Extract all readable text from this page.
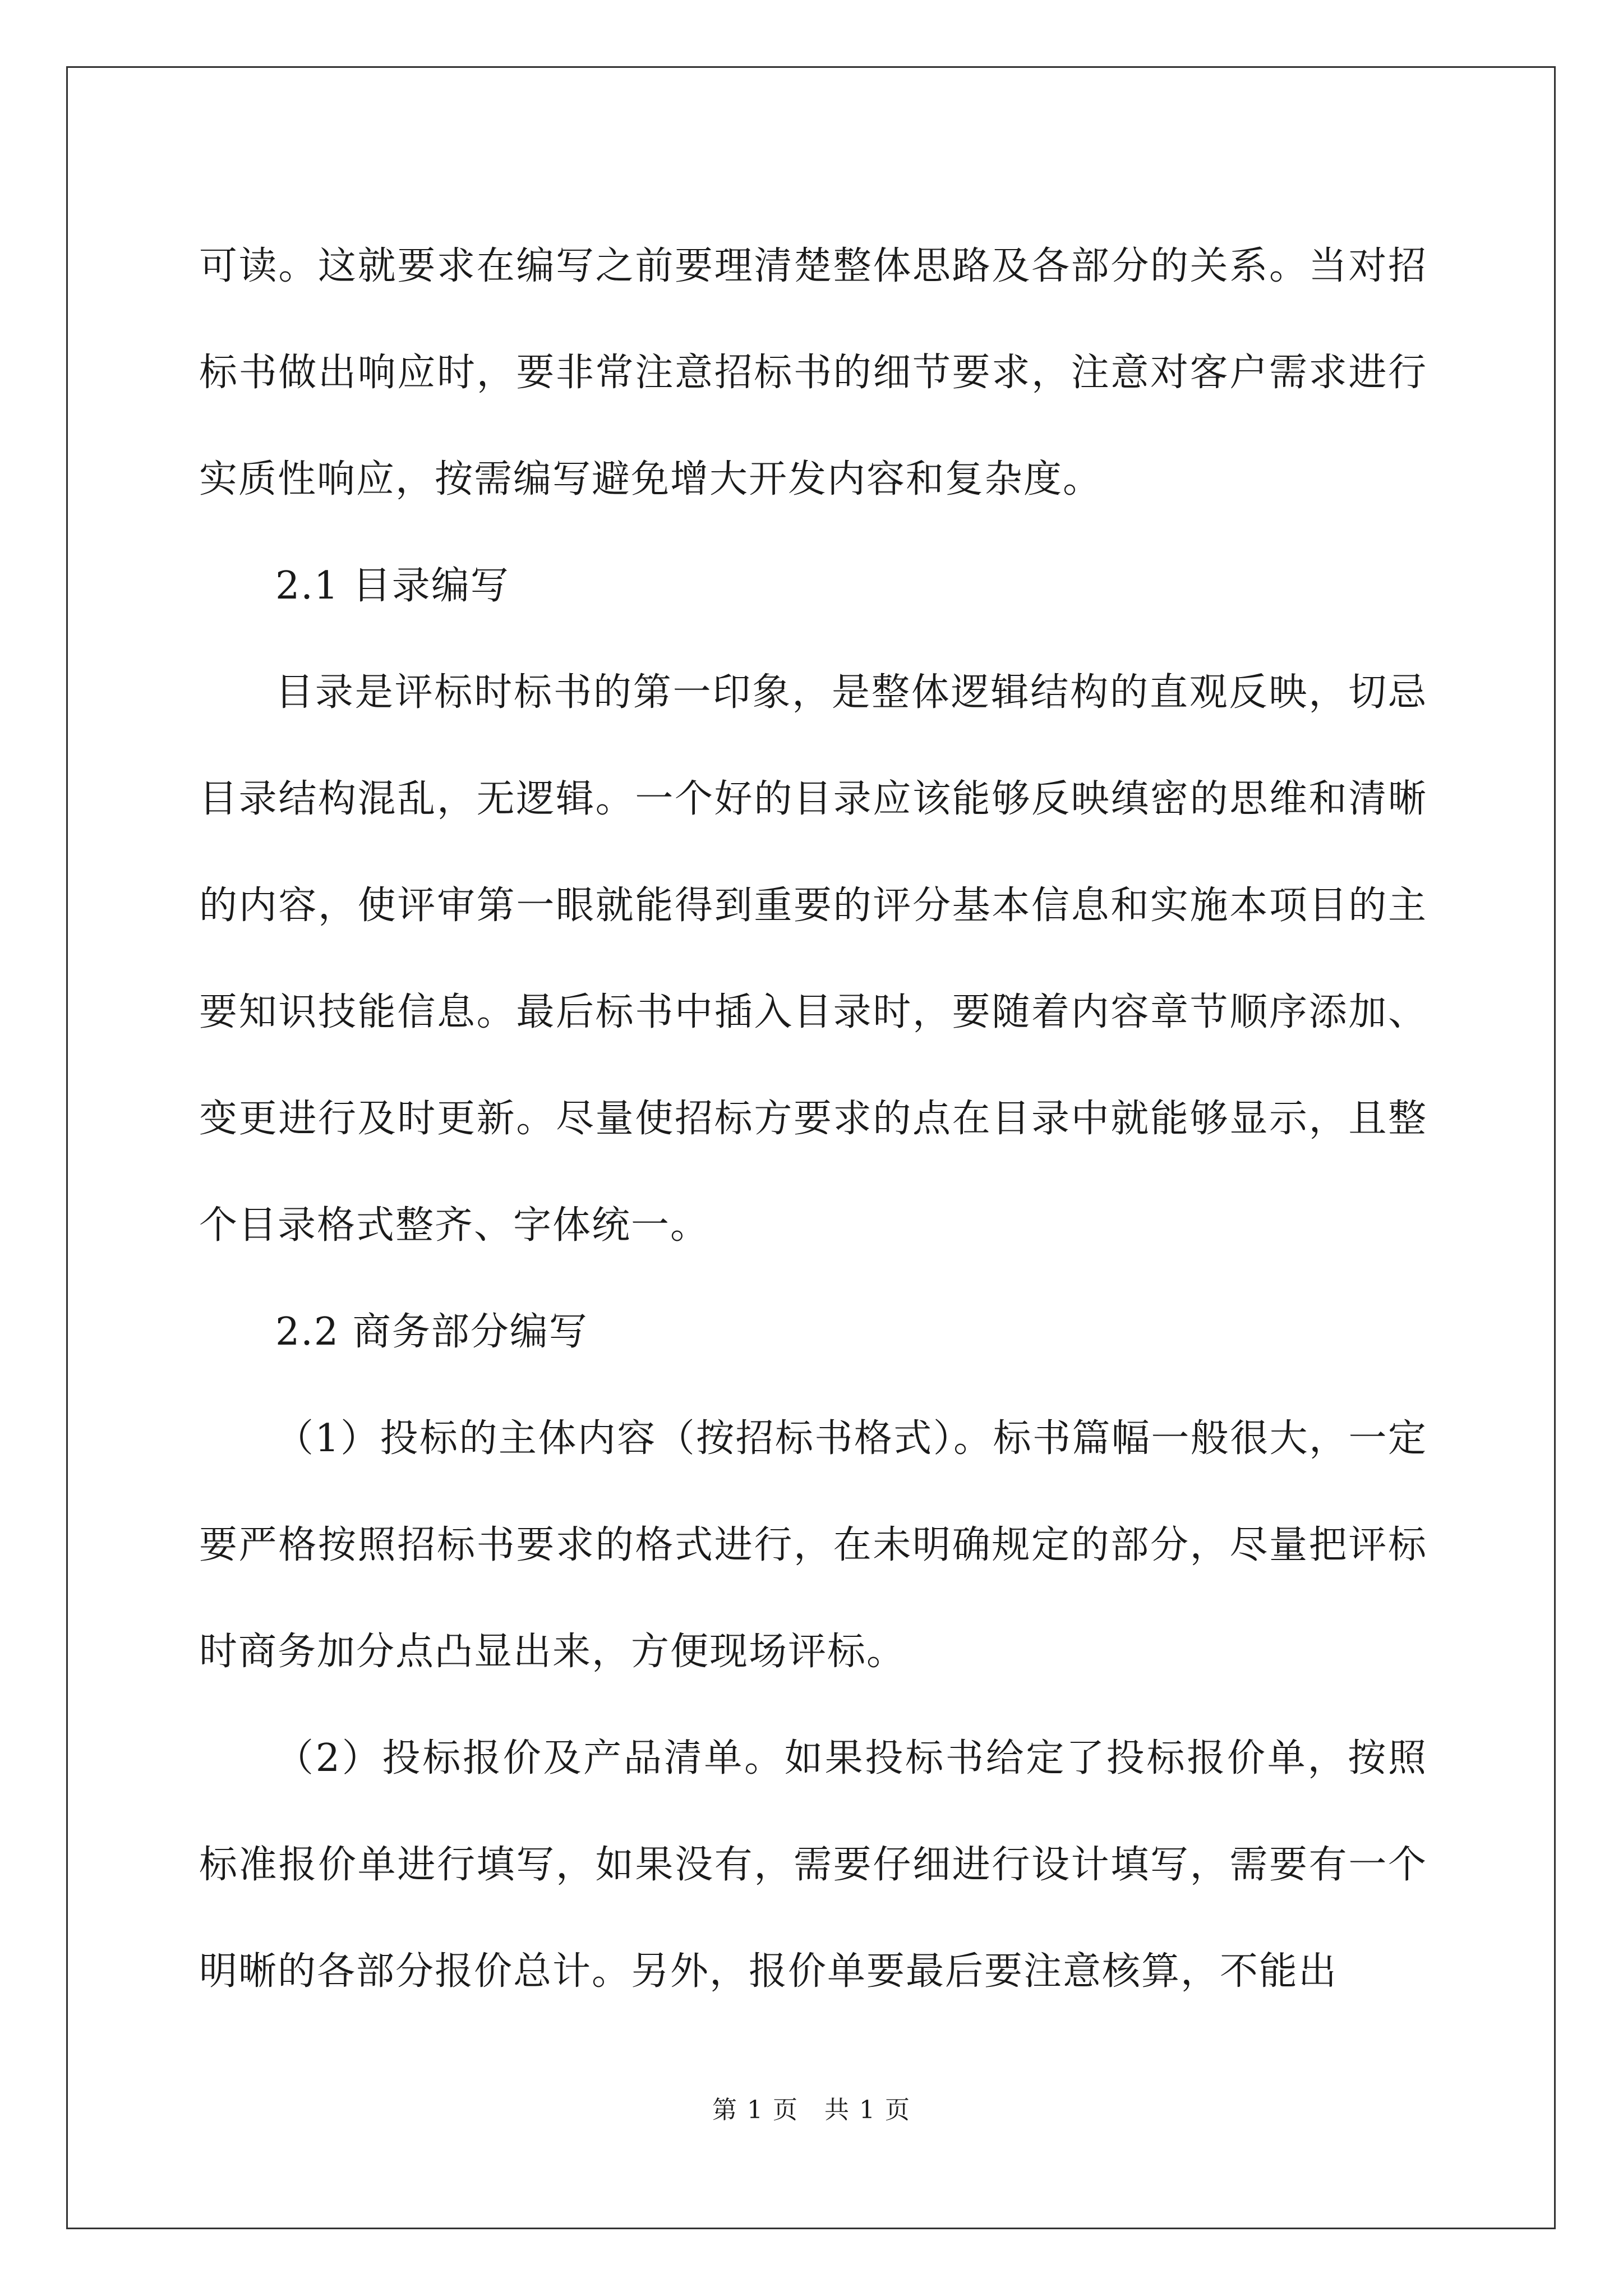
可读。这就要求在编写之前要理清楚整体思路及各部分的关系。当对招标书做出响应时，要非常注意招标书的细节要求，注意对客户需求进行实质性响应，按需编写避免增大开发内容和复杂度。

2.1 目录编写

目录是评标时标书的第一印象，是整体逻辑结构的直观反映，切忌目录结构混乱，无逻辑。一个好的目录应该能够反映缜密的思维和清晰的内容，使评审第一眼就能得到重要的评分基本信息和实施本项目的主要知识技能信息。最后标书中插入目录时，要随着内容章节顺序添加、变更进行及时更新。尽量使招标方要求的点在目录中就能够显示，且整个目录格式整齐、字体统一。

2.2 商务部分编写

（1）投标的主体内容（按招标书格式）。标书篇幅一般很大，一定要严格按照招标书要求的格式进行，在未明确规定的部分，尽量把评标时商务加分点凸显出来，方便现场评标。

（2）投标报价及产品清单。如果投标书给定了投标报价单，按照标准报价单进行填写，如果没有，需要仔细进行设计填写，需要有一个明晰的各部分报价总计。另外，报价单要最后要注意核算，不能出

第 1 页　共 1 页
